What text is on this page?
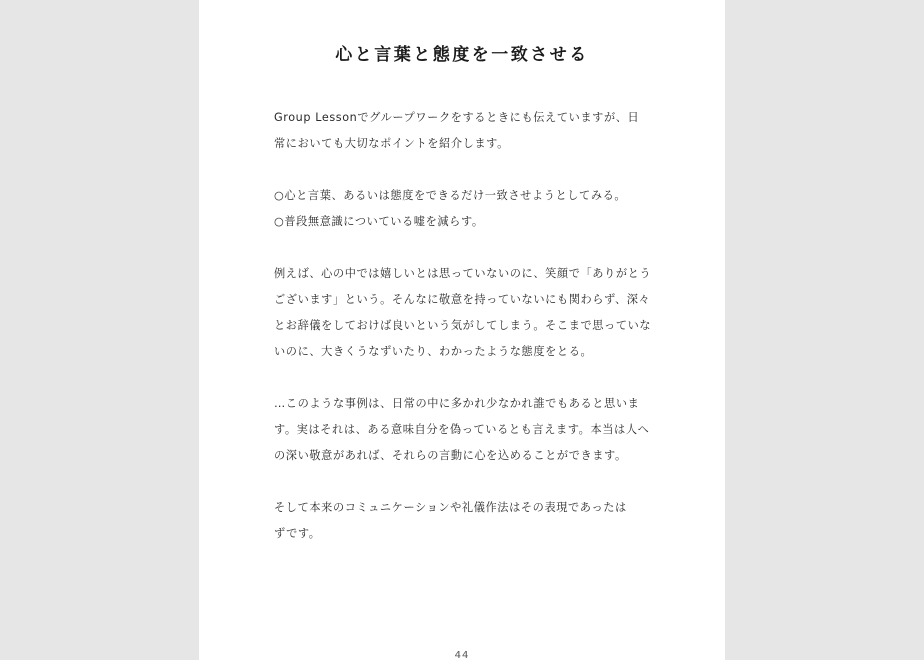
心と言葉と態度を一致させる

Group Lessonでグループワークをするときにも伝えていますが、日
常においても大切なポイントを紹介します。

○心と言葉、あるいは態度をできるだけ一致させようとしてみる。
○普段無意識についている嘘を減らす。

例えば、心の中では嬉しいとは思っていないのに、笑顔で「ありがとう
ございます」という。そんなに敬意を持っていないにも関わらず、深々
とお辞儀をしておけば良いという気がしてしまう。そこまで思っていな
いのに、大きくうなずいたり、わかったような態度をとる。

…このような事例は、日常の中に多かれ少なかれ誰でもあると思いま
す。実はそれは、ある意味自分を偽っているとも言えます。本当は人へ
の深い敬意があれば、それらの言動に心を込めることができます。

そして本来のコミュニケーションや礼儀作法はその表現であったは
ずです。

44
